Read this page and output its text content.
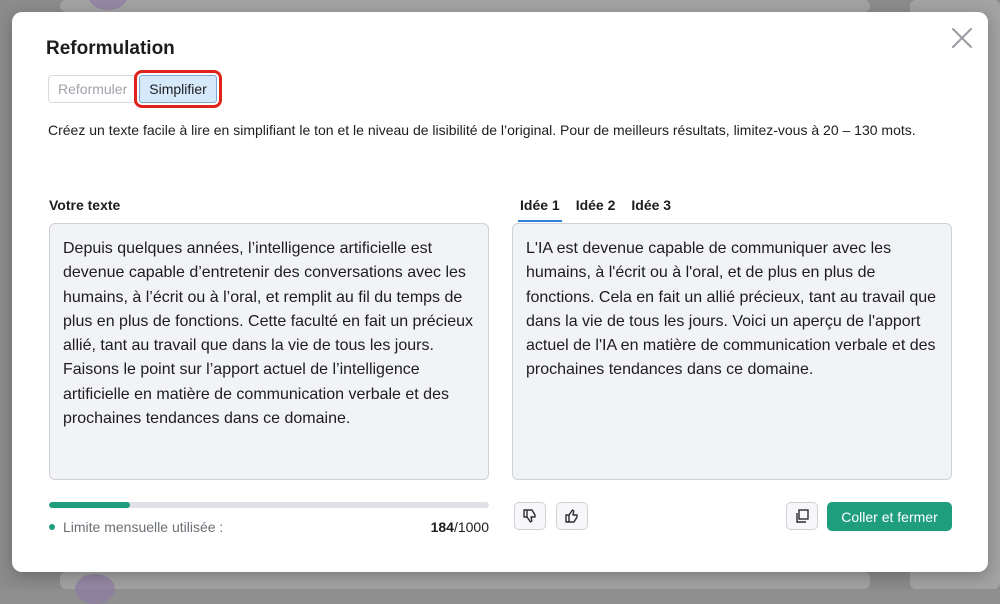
Reformulation
Reformuler	Simplifier
Créez un texte facile à lire en simplifiant le ton et le niveau de lisibilité de l’original. Pour de meilleurs résultats, limitez-vous à 20 – 130 mots.
Votre texte	Idée 1 Idée 2 Idée 3
Depuis quelques années, l’intelligence artificielle est devenue capable d’entretenir des conversations avec les humains, à l’écrit ou à l’oral, et remplit au fil du temps de plus en plus de fonctions. Cette faculté en fait un précieux allié, tant au travail que dans la vie de tous les jours. Faisons le point sur l’apport actuel de l’intelligence artificielle en matière de communication verbale et des prochaines tendances dans ce domaine.
L'IA est devenue capable de communiquer avec les humains, à l'écrit ou à l'oral, et de plus en plus de fonctions. Cela en fait un allié précieux, tant au travail que dans la vie de tous les jours. Voici un aperçu de l'apport actuel de l'IA en matière de communication verbale et des prochaines tendances dans ce domaine.
Limite mensuelle utilisée :	184/1000
Coller et fermer
